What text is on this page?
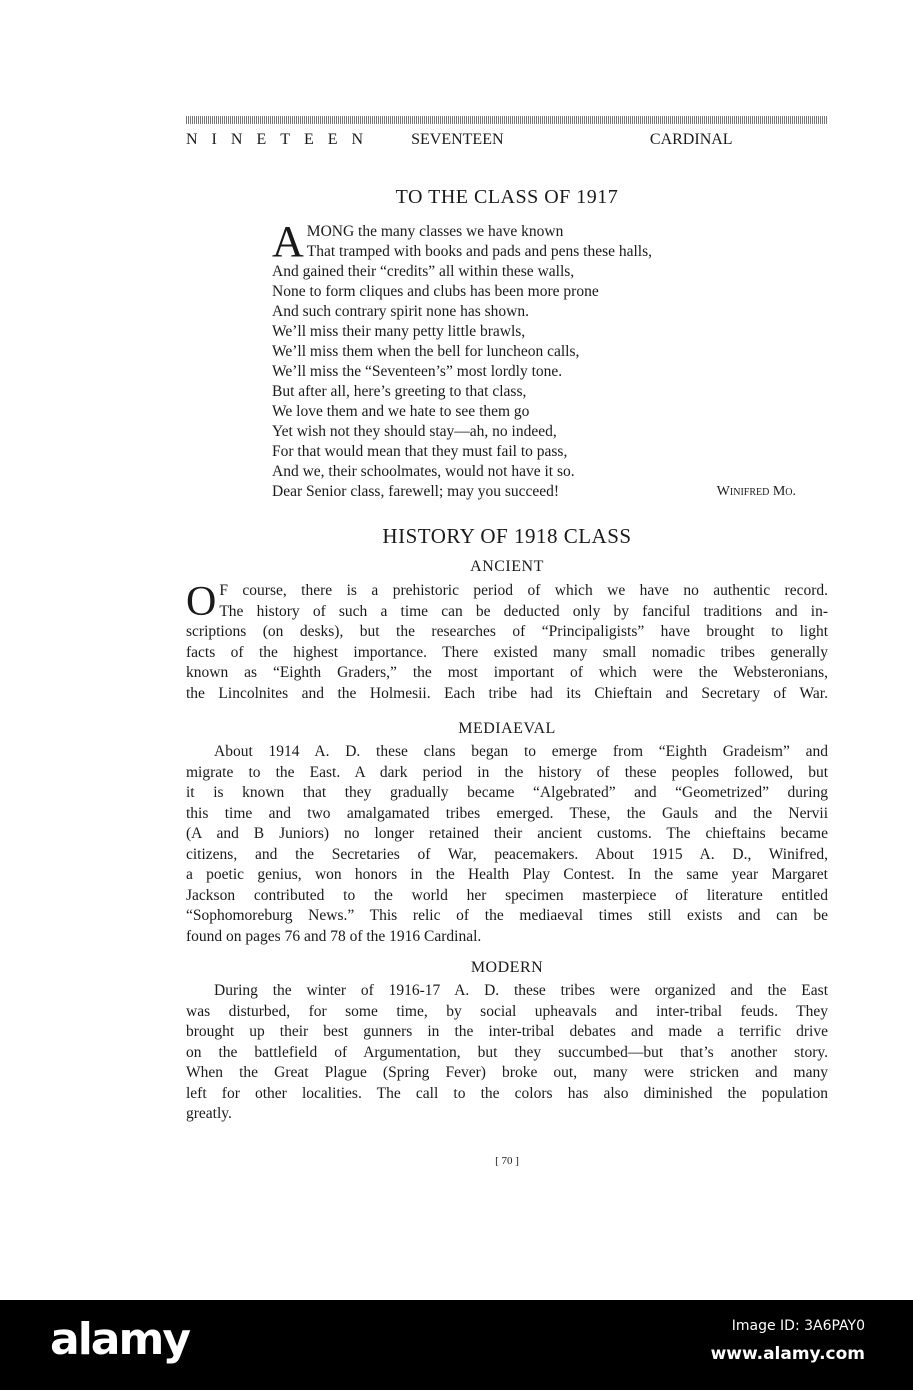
NINETEEN SEVENTEEN	CARDINAL
TO THE CLASS OF 1917
A MONG the many classes we have known
That tramped with books and pads and pens these halls,
And gained their “credits” all within these walls,
None to form cliques and clubs has been more prone
And such contrary spirit none has shown.
We’ll miss their many petty little brawls,
We’ll miss them when the bell for luncheon calls,
We’ll miss the “Seventeen’s” most lordly tone.
But after all, here’s greeting to that class,
We love them and we hate to see them go
Yet wish not they should stay—ah, no indeed,
For that would mean that they must fail to pass,
And we, their schoolmates, would not have it so.
Dear Senior class, farewell; may you succeed!	Winifred Mo.
HISTORY OF 1918 CLASS
ANCIENT
O F course, there is a prehistoric period of which we have no authentic record.
The history of such a time can be deducted only by fanciful traditions and in-
scriptions (on desks), but the researches of “Principaligists” have brought to light
facts of the highest importance. There existed many small nomadic tribes generally
known as “Eighth Graders,” the most important of which were the Websteronians,
the Lincolnites and the Holmesii. Each tribe had its Chieftain and Secretary of War.
MEDIAEVAL
About 1914 A. D. these clans began to emerge from “Eighth Gradeism” and
migrate to the East. A dark period in the history of these peoples followed, but
it is known that they gradually became “Algebrated” and “Geometrized” during
this time and two amalgamated tribes emerged. These, the Gauls and the Nervii
(A and B Juniors) no longer retained their ancient customs. The chieftains became
citizens, and the Secretaries of War, peacemakers. About 1915 A. D., Winifred,
a poetic genius, won honors in the Health Play Contest. In the same year Margaret
Jackson contributed to the world her specimen masterpiece of literature entitled
“Sophomoreburg News.” This relic of the mediaeval times still exists and can be
found on pages 76 and 78 of the 1916 Cardinal.
MODERN
During the winter of 1916-17 A. D. these tribes were organized and the East
was disturbed, for some time, by social upheavals and inter-tribal feuds. They
brought up their best gunners in the inter-tribal debates and made a terrific drive
on the battlefield of Argumentation, but they succumbed—but that’s another story.
When the Great Plague (Spring Fever) broke out, many were stricken and many
left for other localities. The call to the colors has also diminished the population
greatly.
[ 70 ]
alamy	Image ID: 3A6PAY0
www.alamy.com
